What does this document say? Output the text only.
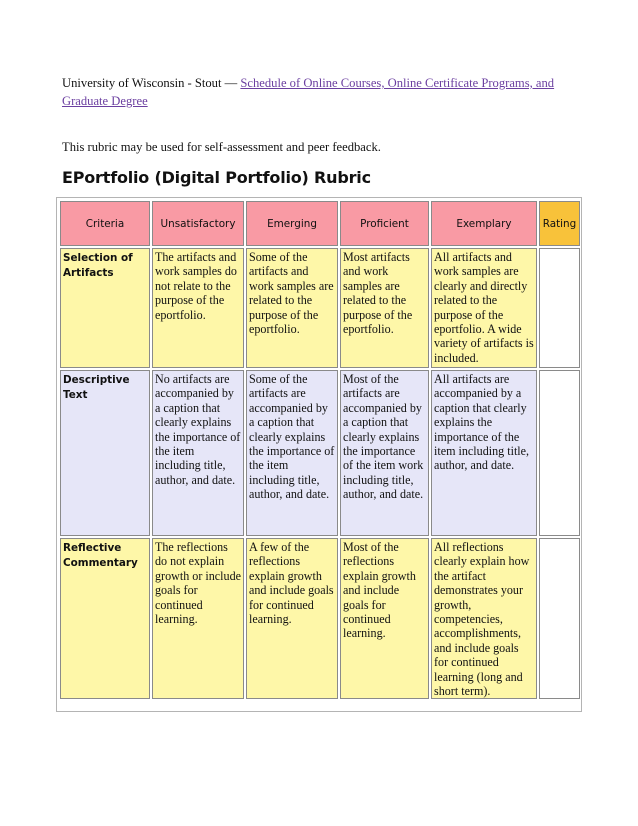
University of Wisconsin - Stout — Schedule of Online Courses, Online Certificate Programs, and Graduate Degree
This rubric may be used for self-assessment and peer feedback.
EPortfolio (Digital Portfolio) Rubric
Criteria	Unsatisfactory	Emerging	Proficient	Exemplary	Rating
Selection of Artifacts	The artifacts and work samples do not relate to the purpose of the eportfolio.	Some of the artifacts and work samples are related to the purpose of the eportfolio.	Most artifacts and work samples are related to the purpose of the eportfolio.	All artifacts and work samples are clearly and directly related to the purpose of the eportfolio. A wide variety of artifacts is included.	
Descriptive Text	No artifacts are accompanied by a caption that clearly explains the importance of the item including title, author, and date.	Some of the artifacts are accompanied by a caption that clearly explains the importance of the item including title, author, and date.	Most of the artifacts are accompanied by a caption that clearly explains the importance of the item work including title, author, and date.	All artifacts are accompanied by a caption that clearly explains the importance of the item including title, author, and date.	
Reflective Commentary	The reflections do not explain growth or include goals for continued learning.	A few of the reflections explain growth and include goals for continued learning.	Most of the reflections explain growth and include goals for continued learning.	All reflections clearly explain how the artifact demonstrates your growth, competencies, accomplishments, and include goals for continued learning (long and short term).	
